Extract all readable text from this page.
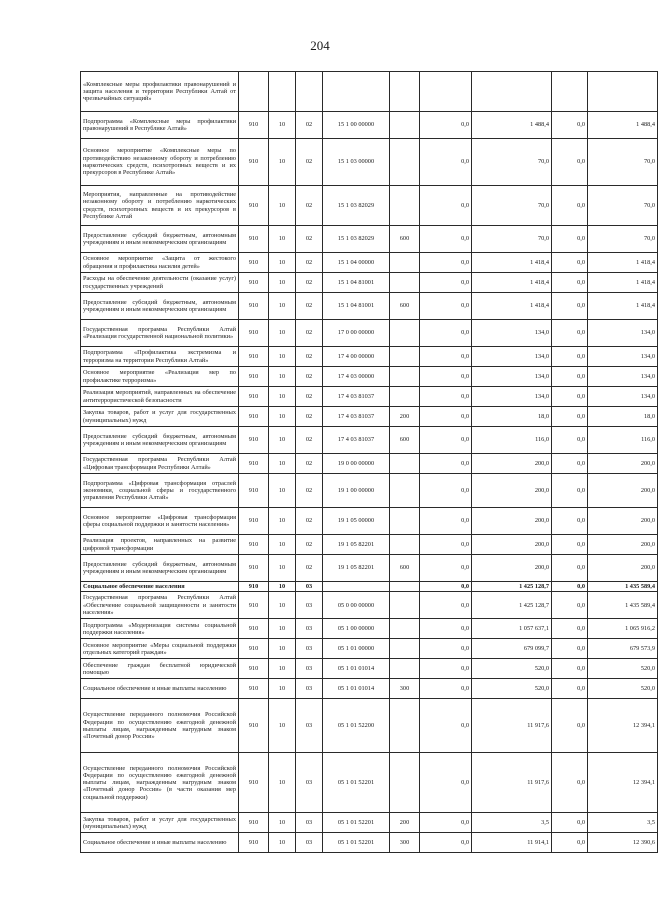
204
«Комплексные меры профилактики правонарушений и защита населения и территории Республики Алтай от чрезвычайных ситуаций»									
Подпрограмма «Комплексные меры профилактики правонарушений в Республике Алтай»	910	10	02	15 1 00 00000		0,0	1 488,4	0,0	1 488,4
Основное мероприятие «Комплексные меры по противодействию незаконному обороту и потреблению наркотических средств, психотропных веществ и их прекурсоров в Республике Алтай»	910	10	02	15 1 03 00000		0,0	70,0	0,0	70,0
Мероприятия, направленные на противодействие незаконному обороту и потреблению наркотических средств, психотропных веществ и их прекурсоров в Республике Алтай	910	10	02	15 1 03 82029		0,0	70,0	0,0	70,0
Предоставление субсидий бюджетным, автономным учреждениям и иным некоммерческим организациям	910	10	02	15 1 03 82029	600	0,0	70,0	0,0	70,0
Основное мероприятие «Защита от жестокого обращения и профилактика насилия детей»	910	10	02	15 1 04 00000		0,0	1 418,4	0,0	1 418,4
Расходы на обеспечение деятельности (оказание услуг) государственных учреждений	910	10	02	15 1 04 81001		0,0	1 418,4	0,0	1 418,4
Предоставление субсидий бюджетным, автономным учреждениям и иным некоммерческим организациям	910	10	02	15 1 04 81001	600	0,0	1 418,4	0,0	1 418,4
Государственная программа Республики Алтай «Реализация государственной национальной политики»	910	10	02	17 0 00 00000		0,0	134,0	0,0	134,0
Подпрограмма «Профилактика экстремизма и терроризма на территории Республики Алтай»	910	10	02	17 4 00 00000		0,0	134,0	0,0	134,0
Основное мероприятие «Реализация мер по профилактике терроризма»	910	10	02	17 4 03 00000		0,0	134,0	0,0	134,0
Реализация мероприятий, направленных на обеспечение антитеррористической безопасности	910	10	02	17 4 03 81037		0,0	134,0	0,0	134,0
Закупка товаров, работ и услуг для государственных (муниципальных) нужд	910	10	02	17 4 03 81037	200	0,0	18,0	0,0	18,0
Предоставление субсидий бюджетным, автономным учреждениям и иным некоммерческим организациям	910	10	02	17 4 03 81037	600	0,0	116,0	0,0	116,0
Государственная программа Республики Алтай «Цифровая трансформация Республики Алтай»	910	10	02	19 0 00 00000		0,0	200,0	0,0	200,0
Подпрограмма «Цифровая трансформация отраслей экономики, социальной сферы и государственного управления Республики Алтай»	910	10	02	19 1 00 00000		0,0	200,0	0,0	200,0
Основное мероприятие «Цифровая трансформация сферы социальной поддержки и занятости населения»	910	10	02	19 1 05 00000		0,0	200,0	0,0	200,0
Реализация проектов, направленных на развитие цифровой трансформации	910	10	02	19 1 05 82201		0,0	200,0	0,0	200,0
Предоставление субсидий бюджетным, автономным учреждениям и иным некоммерческим организациям	910	10	02	19 1 05 82201	600	0,0	200,0	0,0	200,0
Социальное обеспечение населения	910	10	03			0,0	1 425 128,7	0,0	1 435 589,4
Государственная программа Республики Алтай «Обеспечение социальной защищенности и занятости населения»	910	10	03	05 0 00 00000		0,0	1 425 128,7	0,0	1 435 589,4
Подпрограмма «Модернизация системы социальной поддержки населения»	910	10	03	05 1 00 00000		0,0	1 057 637,1	0,0	1 065 916,2
Основное мероприятие «Меры социальной поддержки отдельных категорий граждан»	910	10	03	05 1 01 00000		0,0	679 099,7	0,0	679 573,9
Обеспечение граждан бесплатной юридической помощью	910	10	03	05 1 01 01014		0,0	520,0	0,0	520,0
Социальное обеспечение и иные выплаты населению	910	10	03	05 1 01 01014	300	0,0	520,0	0,0	520,0
Осуществление переданного полномочия Российской Федерации по осуществлению ежегодной денежной выплаты лицам, награжденным нагрудным знаком «Почетный донор России»	910	10	03	05 1 01 52200		0,0	11 917,6	0,0	12 394,1
Осуществление переданного полномочия Российской Федерации по осуществлению ежегодной денежной выплаты лицам, награжденным нагрудным знаком «Почетный донор России» (в части оказания мер социальной поддержки)	910	10	03	05 1 01 52201		0,0	11 917,6	0,0	12 394,1
Закупка товаров, работ и услуг для государственных (муниципальных) нужд	910	10	03	05 1 01 52201	200	0,0	3,5	0,0	3,5
Социальное обеспечение и иные выплаты населению	910	10	03	05 1 01 52201	300	0,0	11 914,1	0,0	12 390,6
